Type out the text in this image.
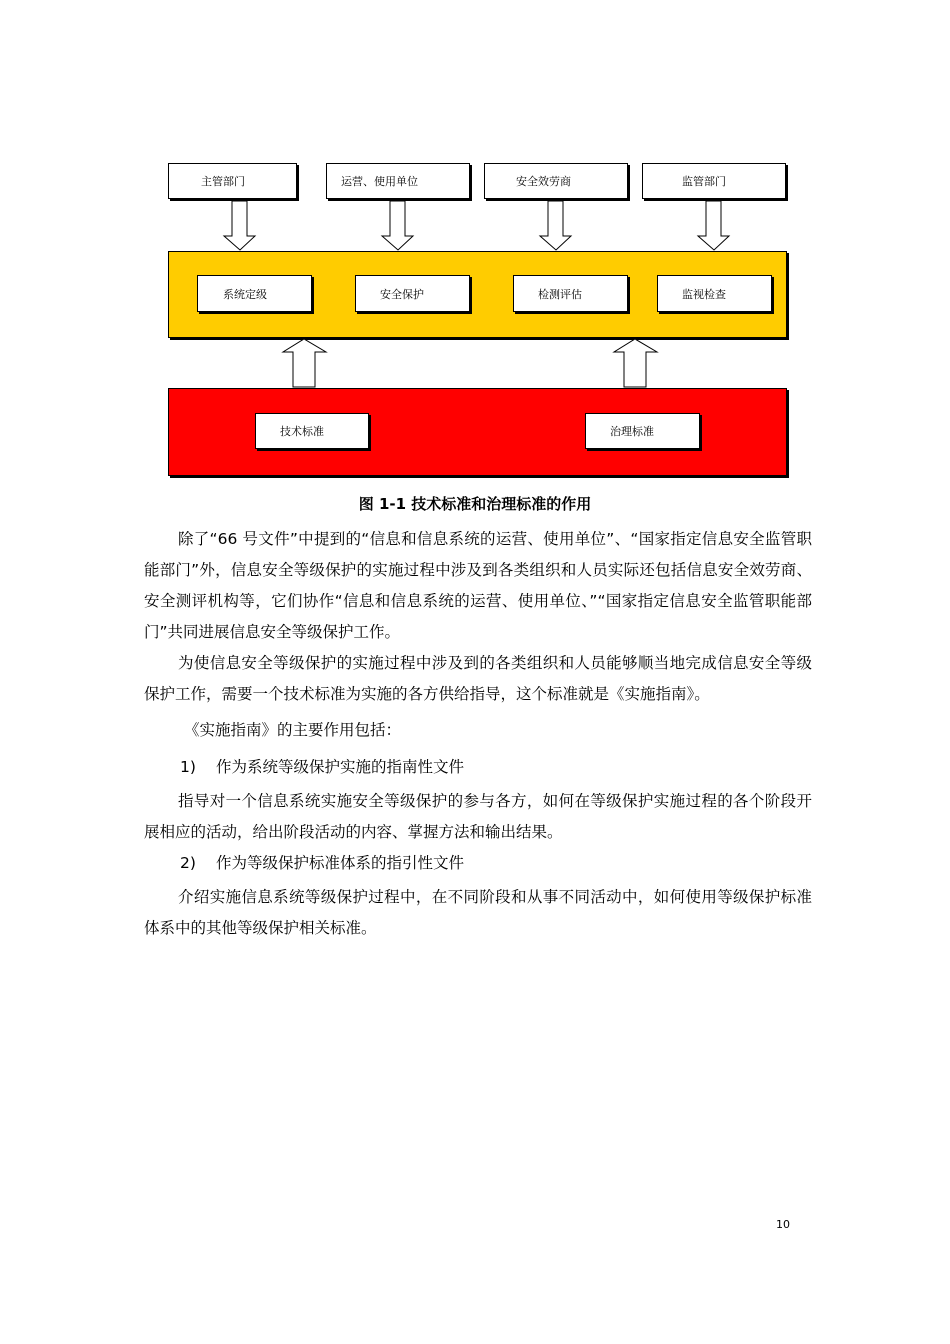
主管部门	运营、使用单位	安全效劳商	监管部门
系统定级	安全保护	检测评估	监视检查
技术标准	治理标准
图 1-1 技术标准和治理标准的作用
除了“66 号文件”中提到的“信息和信息系统的运营、使用单位”、“国家指定信息安全监管职能部门”外，信息安全等级保护的实施过程中涉及到各类组织和人员实际还包括信息安全效劳商、安全测评机构等，它们协作“信息和信息系统的运营、使用单位、”“国家指定信息安全监管职能部门”共同进展信息安全等级保护工作。
为使信息安全等级保护的实施过程中涉及到的各类组织和人员能够顺当地完成信息安全等级保护工作，需要一个技术标准为实施的各方供给指导，这个标准就是《实施指南》。
《实施指南》的主要作用包括：
1) 作为系统等级保护实施的指南性文件
指导对一个信息系统实施安全等级保护的参与各方，如何在等级保护实施过程的各个阶段开展相应的活动，给出阶段活动的内容、掌握方法和输出结果。
2) 作为等级保护标准体系的指引性文件
介绍实施信息系统等级保护过程中，在不同阶段和从事不同活动中，如何使用等级保护标准体系中的其他等级保护相关标准。
10
